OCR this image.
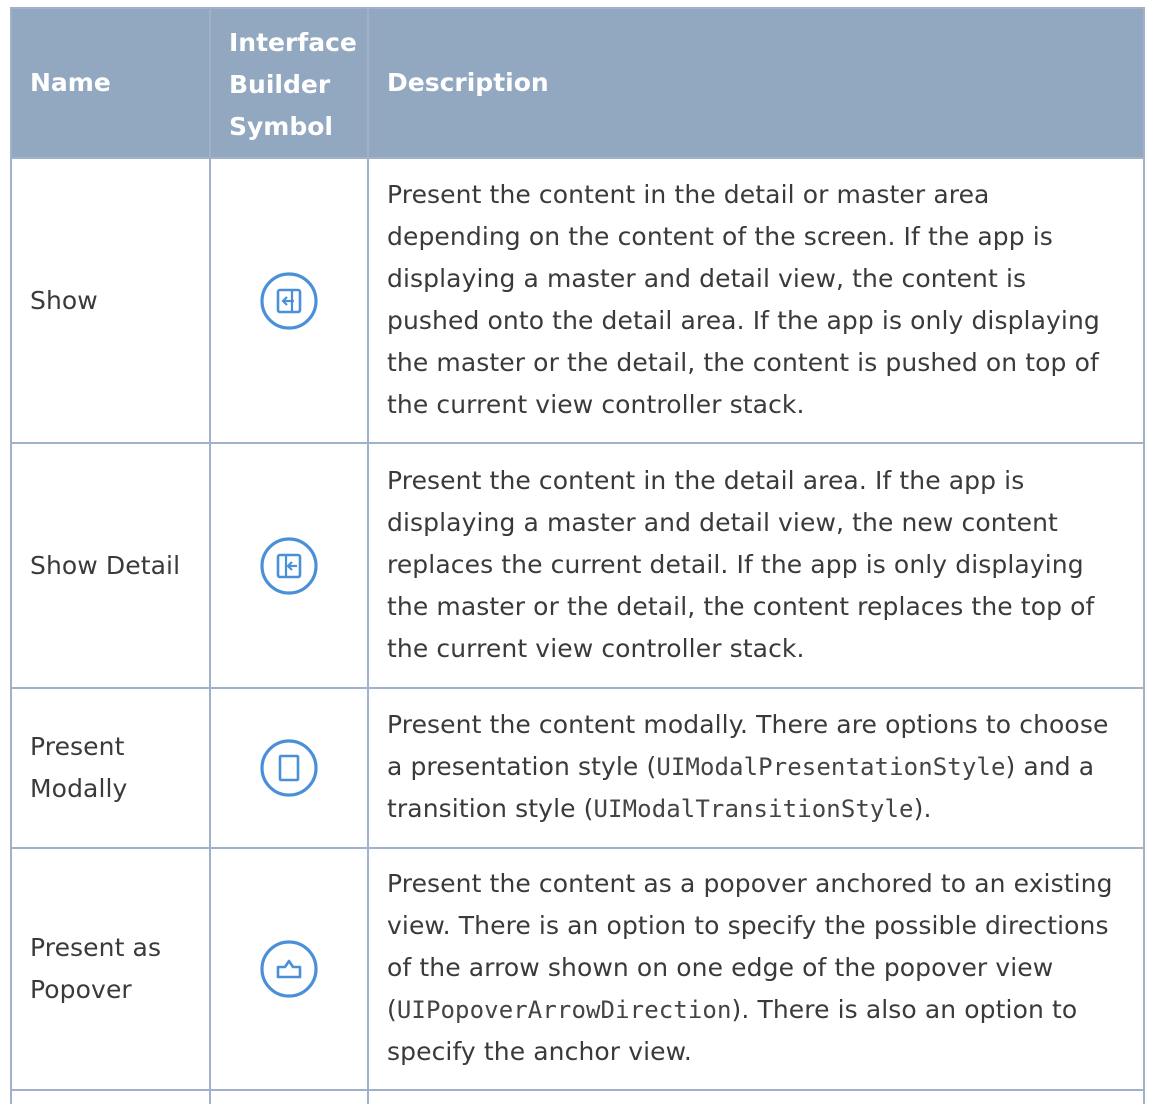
Name	Interface Builder Symbol	Description
Show		Present the content in the detail or master area depending on the content of the screen. If the app is displaying a master and detail view, the content is pushed onto the detail area. If the app is only displaying the master or the detail, the content is pushed on top of the current view controller stack.
Show Detail		Present the content in the detail area. If the app is displaying a master and detail view, the new content replaces the current detail. If the app is only displaying the master or the detail, the content replaces the top of the current view controller stack.
Present Modally		Present the content modally. There are options to choose a presentation style (UIModalPresentationStyle) and a transition style (UIModalTransitionStyle).
Present as Popover		Present the content as a popover anchored to an existing view. There is an option to specify the possible directions of the arrow shown on one edge of the popover view (UIPopoverArrowDirection). There is also an option to specify the anchor view.
